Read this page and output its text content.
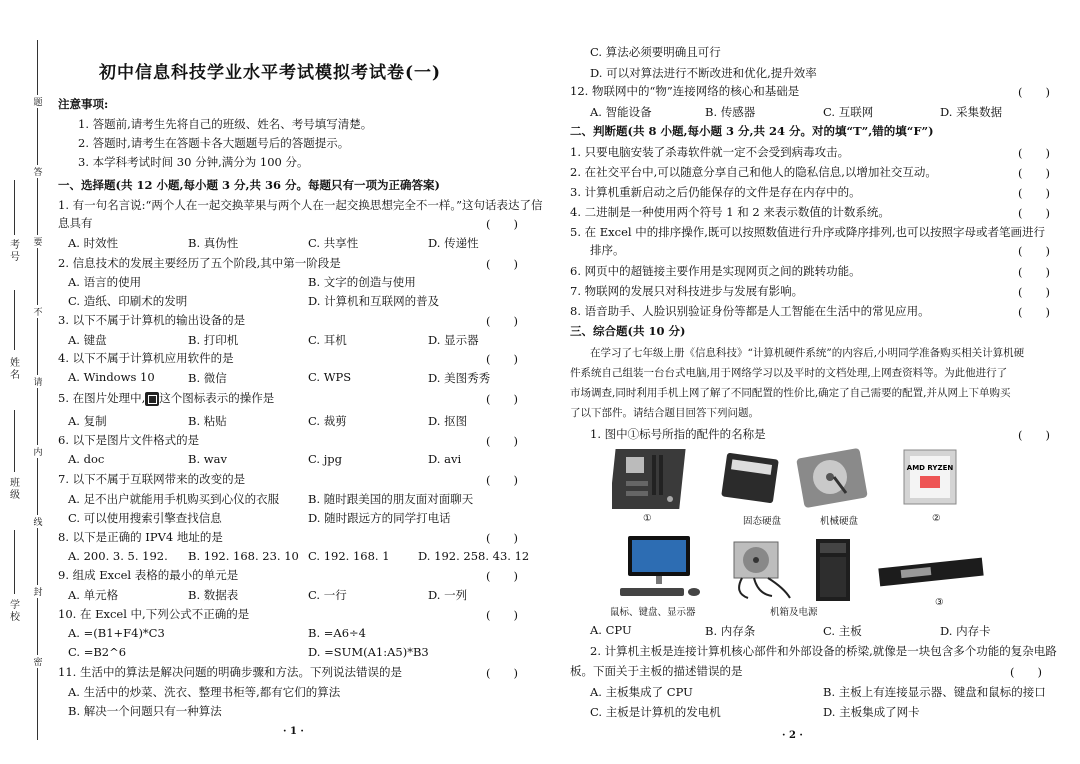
题
答
要
不
请
内
线
封
密
考号
姓名
班级
学校
初中信息科技学业水平考试模拟考试卷(一)
注意事项:
1. 答题前,请考生先将自己的班级、姓名、考号填写清楚。
2. 答题时,请考生在答题卡各大题题号后的答题提示。
3. 本学科考试时间 30 分钟,满分为 100 分。
一、选择题(共 12 小题,每小题 3 分,共 36 分。每题只有一项为正确答案)
1. 有一句名言说:“两个人在一起交换苹果与两个人在一起交换思想完全不一样。”这句话表达了信
息具有	(　　)
A. 时效性	B. 真伪性	C. 共享性	D. 传递性
2. 信息技术的发展主要经历了五个阶段,其中第一阶段是	(　　)
A. 语言的使用	B. 文字的创造与使用
C. 造纸、印刷术的发明	D. 计算机和互联网的普及
3. 以下不属于计算机的输出设备的是	(　　)
A. 键盘	B. 打印机	C. 耳机	D. 显示器
4. 以下不属于计算机应用软件的是	(　　)
A. Windows 10	B. 微信	C. WPS	D. 美图秀秀
5. 在图片处理中, 这个图标表示的操作是	(　　)
A. 复制	B. 粘贴	C. 裁剪	D. 抠图
6. 以下是图片文件格式的是	(　　)
A. doc	B. wav	C. jpg	D. avi
7. 以下不属于互联网带来的改变的是	(　　)
A. 足不出户就能用手机购买到心仪的衣服	B. 随时跟美国的朋友面对面聊天
C. 可以使用搜索引擎查找信息	D. 随时跟远方的同学打电话
8. 以下是正确的 IPV4 地址的是	(　　)
A. 200. 3. 5. 192. B. 192. 168. 23. 10 C. 192. 168. 1 D. 192. 258. 43. 12
9. 组成 Excel 表格的最小的单元是	(　　)
A. 单元格	B. 数据表	C. 一行	D. 一列
10. 在 Excel 中,下列公式不正确的是	(　　)
A. =(B1+F4)*C3	B. =A6÷4
C. =B2^6	D. =SUM(A1:A5)*B3
11. 生活中的算法是解决问题的明确步骤和方法。下列说法错误的是	(　　)
A. 生活中的炒菜、洗衣、整理书柜等,都有它们的算法
B. 解决一个问题只有一种算法
· 1 ·
C. 算法必须要明确且可行
D. 可以对算法进行不断改进和优化,提升效率
12. 物联网中的“物”连接网络的核心和基础是	(　　)
A. 智能设备	B. 传感器	C. 互联网	D. 采集数据
二、判断题(共 8 小题,每小题 3 分,共 24 分。对的填“T”,错的填“F”)
1. 只要电脑安装了杀毒软件就一定不会受到病毒攻击。	(　　)
2. 在社交平台中,可以随意分享自己和他人的隐私信息,以增加社交互动。	(　　)
3. 计算机重新启动之后仍能保存的文件是存在内存中的。	(　　)
4. 二进制是一种使用两个符号 1 和 2 来表示数值的计数系统。	(　　)
5. 在 Excel 中的排序操作,既可以按照数值进行升序或降序排列,也可以按照字母或者笔画进行
排序。	(　　)
6. 网页中的超链接主要作用是实现网页之间的跳转功能。	(　　)
7. 物联网的发展只对科技进步与发展有影响。	(　　)
8. 语音助手、人脸识别验证身份等都是人工智能在生活中的常见应用。	(　　)
三、综合题(共 10 分)
在学习了七年级上册《信息科技》“计算机硬件系统”的内容后,小明同学准备购买相关计算机硬
件系统自己组装一台台式电脑,用于网络学习以及平时的文档处理,上网查资料等。为此他进行了
市场调查,同时利用手机上网了解了不同配置的性价比,确定了自己需要的配置,并从网上下单购买
了以下部件。请结合题目回答下列问题。
1. 图中①标号所指的配件的名称是	(　　)
①	固态硬盘	机械硬盘
AMD RYZEN
②
鼠标、键盘、显示器	机箱及电源
③
A. CPU	B. 内存条	C. 主板	D. 内存卡
2. 计算机主板是连接计算机核心部件和外部设备的桥梁,就像是一块包含多个功能的复杂电路
板。下面关于主板的描述错误的是	(　　)
A. 主板集成了 CPU	B. 主板上有连接显示器、键盘和鼠标的接口
C. 主板是计算机的发电机	D. 主板集成了网卡
· 2 ·
